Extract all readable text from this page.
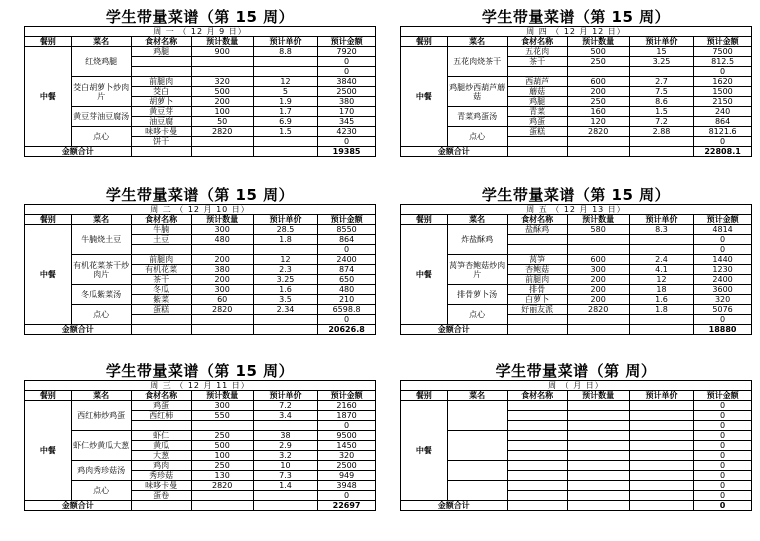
学生带量菜谱（第 15 周）
周 一 （ 12 月 9 日）					
餐别	菜名	食材名称	预计数量	预计单价	预计金额
中餐	红烧鸡腿	鸡腿	900	8.8	7920
					0
					0
	茭白胡萝卜炒肉片	前腿肉	320	12	3840
		茭白	500	5	2500
		胡萝卜	200	1.9	380
	黄豆芽油豆腐汤	黄豆芽	100	1.7	170
		油豆腐	50	6.9	345
	点心	味哆卡曼	2820	1.5	4230
		饼干			0
金额合计					19385
学生带量菜谱（第 15 周）
周 四 （ 12 月 12 日）					
餐别	菜名	食材名称	预计数量	预计单价	预计金额
中餐	五花肉烧茶干	五花肉	500	15	7500
		茶干	250	3.25	812.5
					0
	鸡腿炒西葫芦蘑菇	西葫芦	600	2.7	1620
		蘑菇	200	7.5	1500
		鸡腿	250	8.6	2150
	青菜鸡蛋汤	青菜	160	1.5	240
		鸡蛋	120	7.2	864
	点心	蛋糕	2820	2.88	8121.6
					0
金额合计					22808.1
学生带量菜谱（第 15 周）
周 二 （ 12 月 10 日）					
餐别	菜名	食材名称	预计数量	预计单价	预计金额
中餐	牛腩烧土豆	牛腩	300	28.5	8550
		土豆	480	1.8	864
					0
	有机花菜茶干炒肉片	前腿肉	200	12	2400
		有机花菜	380	2.3	874
		茶干	200	3.25	650
	冬瓜紫菜汤	冬瓜	300	1.6	480
		紫菜	60	3.5	210
	点心	蛋糕	2820	2.34	6598.8
					0
金额合计					20626.8
学生带量菜谱（第 15 周）
周 五 （ 12 月 13 日）					
餐别	菜名	食材名称	预计数量	预计单价	预计金额
中餐	炸盐酥鸡	盐酥鸡	580	8.3	4814
					0
					0
	莴笋杏鲍菇炒肉片	莴笋	600	2.4	1440
		杏鲍菇	300	4.1	1230
		前腿肉	200	12	2400
	排骨萝卜汤	排骨	200	18	3600
		白萝卜	200	1.6	320
	点心	好丽友派	2820	1.8	5076
					0
金额合计					18880
学生带量菜谱（第 15 周）
周 三 （ 12 月 11 日）					
餐别	菜名	食材名称	预计数量	预计单价	预计金额
中餐	西红柿炒鸡蛋	鸡蛋	300	7.2	2160
		西红柿	550	3.4	1870
					0
	虾仁炒黄瓜大葱	虾仁	250	38	9500
		黄瓜	500	2.9	1450
		大葱	100	3.2	320
	鸡肉秀珍菇汤	鸡肉	250	10	2500
		秀珍菇	130	7.3	949
	点心	味哆卡曼	2820	1.4	3948
		蛋卷			0
金额合计					22697
学生带量菜谱（第 周）
周 （ 月 日）					
餐别	菜名	食材名称	预计数量	预计单价	预计金额
中餐					0
					0
					0
					0
					0
					0
					0
					0
					0
					0
金额合计					0
